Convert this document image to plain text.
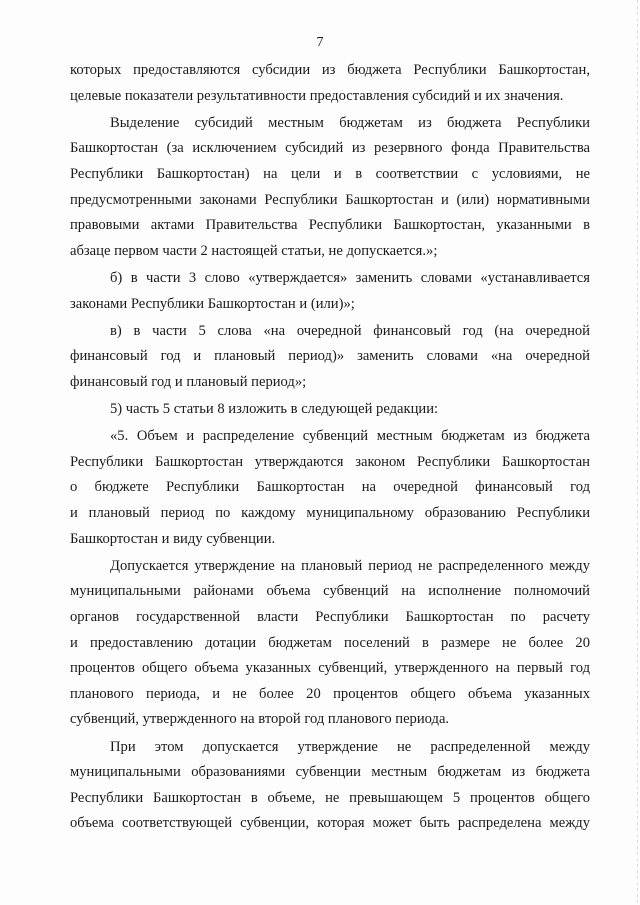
7
которых предоставляются субсидии из бюджета Республики Башкортостан,
целевые показатели результативности предоставления субсидий и их значения.
Выделение субсидий местным бюджетам из бюджета Республики
Башкортостан (за исключением субсидий из резервного фонда Правительства
Республики Башкортостан) на цели и в соответствии с условиями, не
предусмотренными законами Республики Башкортостан и (или) нормативными
правовыми актами Правительства Республики Башкортостан, указанными в
абзаце первом части 2 настоящей статьи, не допускается.»;
б) в части 3 слово «утверждается» заменить словами «устанавливается
законами Республики Башкортостан и (или)»;
в) в части 5 слова «на очередной финансовый год (на очередной
финансовый год и плановый период)» заменить словами «на очередной
финансовый год и плановый период»;
5) часть 5 статьи 8 изложить в следующей редакции:
«5. Объем и распределение субвенций местным бюджетам из бюджета
Республики Башкортостан утверждаются законом Республики Башкортостан
о бюджете Республики Башкортостан на очередной финансовый год
и плановый период по каждому муниципальному образованию Республики
Башкортостан и виду субвенции.
Допускается утверждение на плановый период не распределенного между
муниципальными районами объема субвенций на исполнение полномочий
органов государственной власти Республики Башкортостан по расчету
и предоставлению дотации бюджетам поселений в размере не более 20
процентов общего объема указанных субвенций, утвержденного на первый год
планового периода, и не более 20 процентов общего объема указанных
субвенций, утвержденного на второй год планового периода.
При этом допускается утверждение не распределенной между
муниципальными образованиями субвенции местным бюджетам из бюджета
Республики Башкортостан в объеме, не превышающем 5 процентов общего
объема соответствующей субвенции, которая может быть распределена между
